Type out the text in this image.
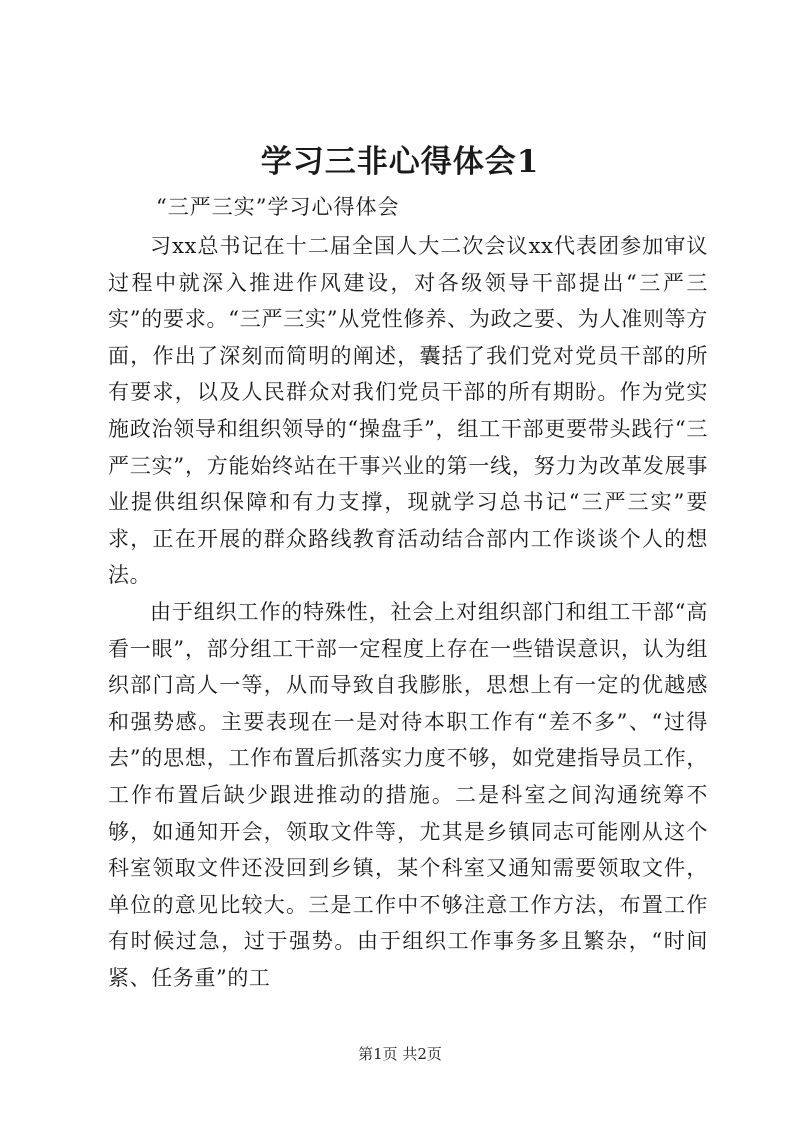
学习三非心得体会1

“三严三实”学习心得体会

习xx总书记在十二届全国人大二次会议xx代表团参加审议过程中就深入推进作风建设，对各级领导干部提出“三严三实”的要求。“三严三实”从党性修养、为政之要、为人准则等方面，作出了深刻而简明的阐述，囊括了我们党对党员干部的所有要求，以及人民群众对我们党员干部的所有期盼。作为党实施政治领导和组织领导的“操盘手”，组工干部更要带头践行“三严三实”，方能始终站在干事兴业的第一线，努力为改革发展事业提供组织保障和有力支撑，现就学习总书记“三严三实”要求，正在开展的群众路线教育活动结合部内工作谈谈个人的想法。

由于组织工作的特殊性，社会上对组织部门和组工干部“高看一眼”，部分组工干部一定程度上存在一些错误意识，认为组织部门高人一等，从而导致自我膨胀，思想上有一定的优越感和强势感。主要表现在一是对待本职工作有“差不多”、“过得去”的思想，工作布置后抓落实力度不够，如党建指导员工作，工作布置后缺少跟进推动的措施。二是科室之间沟通统筹不够，如通知开会，领取文件等，尤其是乡镇同志可能刚从这个科室领取文件还没回到乡镇，某个科室又通知需要领取文件，单位的意见比较大。三是工作中不够注意工作方法，布置工作有时候过急，过于强势。由于组织工作事务多且繁杂，“时间紧、任务重”的工

第1页 共2页
